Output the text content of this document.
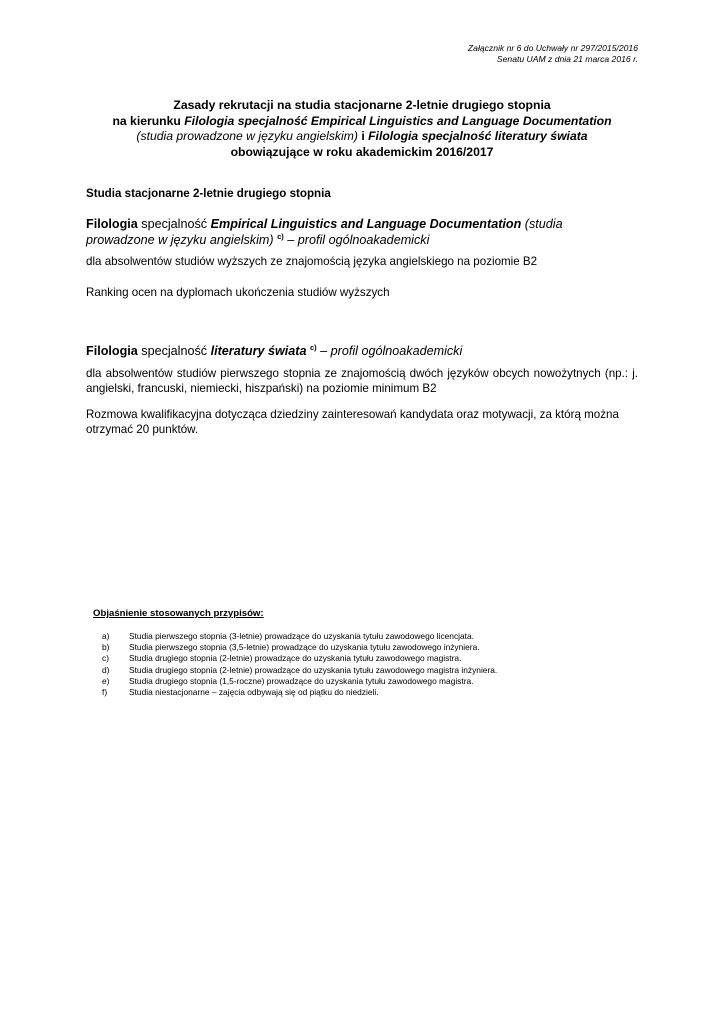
Załącznik nr 6 do Uchwały nr 297/2015/2016
Senatu UAM z dnia 21 marca 2016 r.
Zasady rekrutacji na studia stacjonarne 2-letnie drugiego stopnia
na kierunku Filologia specjalność Empirical Linguistics and Language Documentation
(studia prowadzone w języku angielskim) i Filologia specjalność literatury świata
obowiązujące w roku akademickim 2016/2017
Studia stacjonarne 2-letnie drugiego stopnia
Filologia specjalność Empirical Linguistics and Language Documentation (studia
prowadzone w języku angielskim) $^{c)}$ – profil ogólnoakademicki
dla absolwentów studiów wyższych ze znajomością języka angielskiego na poziomie B2
Ranking ocen na dyplomach ukończenia studiów wyższych
Filologia specjalność literatury świata $^{c)}$ – profil ogólnoakademicki
dla absolwentów studiów pierwszego stopnia ze znajomością dwóch języków obcych nowożytnych (np.: j. angielski, francuski, niemiecki, hiszpański) na poziomie minimum B2
Rozmowa kwalifikacyjna dotycząca dziedziny zainteresowań kandydata oraz motywacji, za którą można otrzymać 20 punktów.
Objaśnienie stosowanych przypisów:
a)	Studia pierwszego stopnia (3-letnie) prowadzące do uzyskania tytułu zawodowego licencjata.
b)	Studia pierwszego stopnia (3,5-letnie) prowadzące do uzyskania tytułu zawodowego inżyniera.
c)	Studia drugiego stopnia (2-letnie) prowadzące do uzyskania tytułu zawodowego magistra.
d)	Studia drugiego stopnia (2-letnie) prowadzące do uzyskania tytułu zawodowego magistra inżyniera.
e)	Studia drugiego stopnia (1,5-roczne) prowadzące do uzyskania tytułu zawodowego magistra.
f)	Studia niestacjonarne – zajęcia odbywają się od piątku do niedzieli.
